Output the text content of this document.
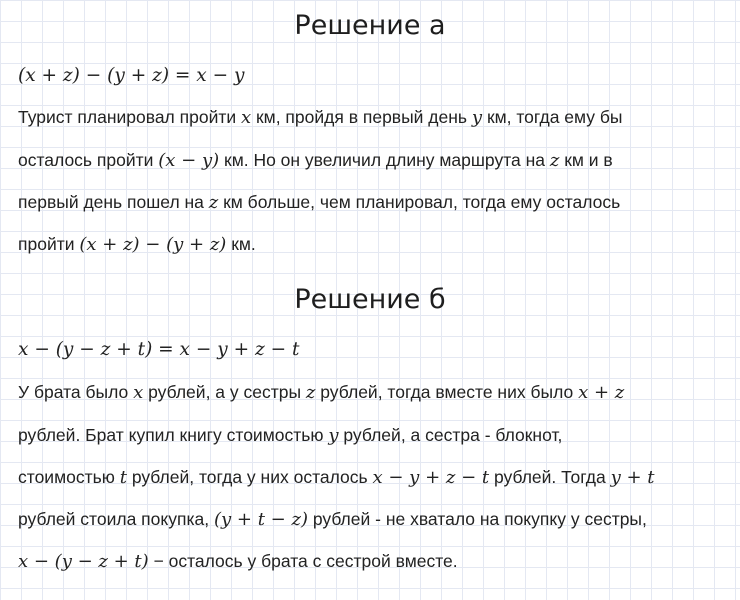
Решение а
(x + z) − (y + z) = x − y
Турист планировал пройти x км, пройдя в первый день y км, тогда ему бы
осталось пройти (x − y) км. Но он увеличил длину маршрута на z км и в
первый день пошел на z км больше, чем планировал, тогда ему осталось
пройти (x + z) − (y + z) км.
Решение б
x − (y − z + t) = x − y + z − t
У брата было x рублей, а у сестры z рублей, тогда вместе них было x + z
рублей. Брат купил книгу стоимостью y рублей, а сестра - блокнот,
стоимостью t рублей, тогда у них осталось x − y + z − t рублей. Тогда y + t
рублей стоила покупка, (y + t − z) рублей - не хватало на покупку у сестры,
x − (y − z + t) − осталось у брата с сестрой вместе.
